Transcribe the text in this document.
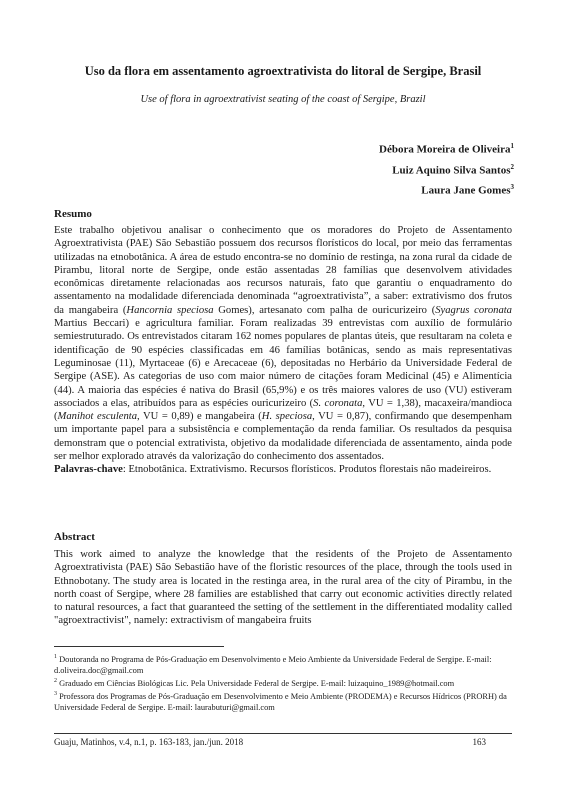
Uso da flora em assentamento agroextrativista do litoral de Sergipe, Brasil
Use of flora in agroextrativist seating of the coast of Sergipe, Brazil
Débora Moreira de Oliveira$^1$
Luiz Aquino Silva Santos$^2$
Laura Jane Gomes$^3$
Resumo
Este trabalho objetivou analisar o conhecimento que os moradores do Projeto de Assentamento Agroextrativista (PAE) São Sebastião possuem dos recursos florísticos do local, por meio das ferramentas utilizadas na etnobotânica. A área de estudo encontra-se no domínio de restinga, na zona rural da cidade de Pirambu, litoral norte de Sergipe, onde estão assentadas 28 famílias que desenvolvem atividades econômicas diretamente relacionadas aos recursos naturais, fato que garantiu o enquadramento do assentamento na modalidade diferenciada denominada “agroextrativista”, a saber: extrativismo dos frutos da mangabeira (Hancornia speciosa Gomes), artesanato com palha de ouricurizeiro (Syagrus coronata Martius Beccari) e agricultura familiar. Foram realizadas 39 entrevistas com auxílio de formulário semiestruturado. Os entrevistados citaram 162 nomes populares de plantas úteis, que resultaram na coleta e identificação de 90 espécies classificadas em 46 famílias botânicas, sendo as mais representativas Leguminosae (11), Myrtaceae (6) e Arecaceae (6), depositadas no Herbário da Universidade Federal de Sergipe (ASE). As categorias de uso com maior número de citações foram Medicinal (45) e Alimentícia (44). A maioria das espécies é nativa do Brasil (65,9%) e os três maiores valores de uso (VU) estiveram associados a elas, atribuídos para as espécies ouricurizeiro (S. coronata, VU = 1,38), macaxeira/mandioca (Manihot esculenta, VU = 0,89) e mangabeira (H. speciosa, VU = 0,87), confirmando que desempenham um importante papel para a subsistência e complementação da renda familiar. Os resultados da pesquisa demonstram que o potencial extrativista, objetivo da modalidade diferenciada de assentamento, ainda pode ser melhor explorado através da valorização do conhecimento dos assentados.
Palavras-chave: Etnobotânica. Extrativismo. Recursos florísticos. Produtos florestais não madeireiros.
Abstract
This work aimed to analyze the knowledge that the residents of the Projeto de Assentamento Agroextrativista (PAE) São Sebastião have of the floristic resources of the place, through the tools used in Ethnobotany. The study area is located in the restinga area, in the rural area of the city of Pirambu, in the north coast of Sergipe, where 28 families are established that carry out economic activities directly related to natural resources, a fact that guaranteed the setting of the settlement in the differentiated modality called "agroextractivist", namely: extractivism of mangabeira fruits
$^1$ Doutoranda no Programa de Pós-Graduação em Desenvolvimento e Meio Ambiente da Universidade Federal de Sergipe. E-mail: d.oliveira.doc@gmail.com
$^2$ Graduado em Ciências Biológicas Lic. Pela Universidade Federal de Sergipe. E-mail: luizaquino_1989@hotmail.com
$^3$ Professora dos Programas de Pós-Graduação em Desenvolvimento e Meio Ambiente (PRODEMA) e Recursos Hídricos (PRORH) da Universidade Federal de Sergipe. E-mail: laurabuturi@gmail.com
Guaju, Matinhos, v.4, n.1, p. 163-183, jan./jun. 2018	163
